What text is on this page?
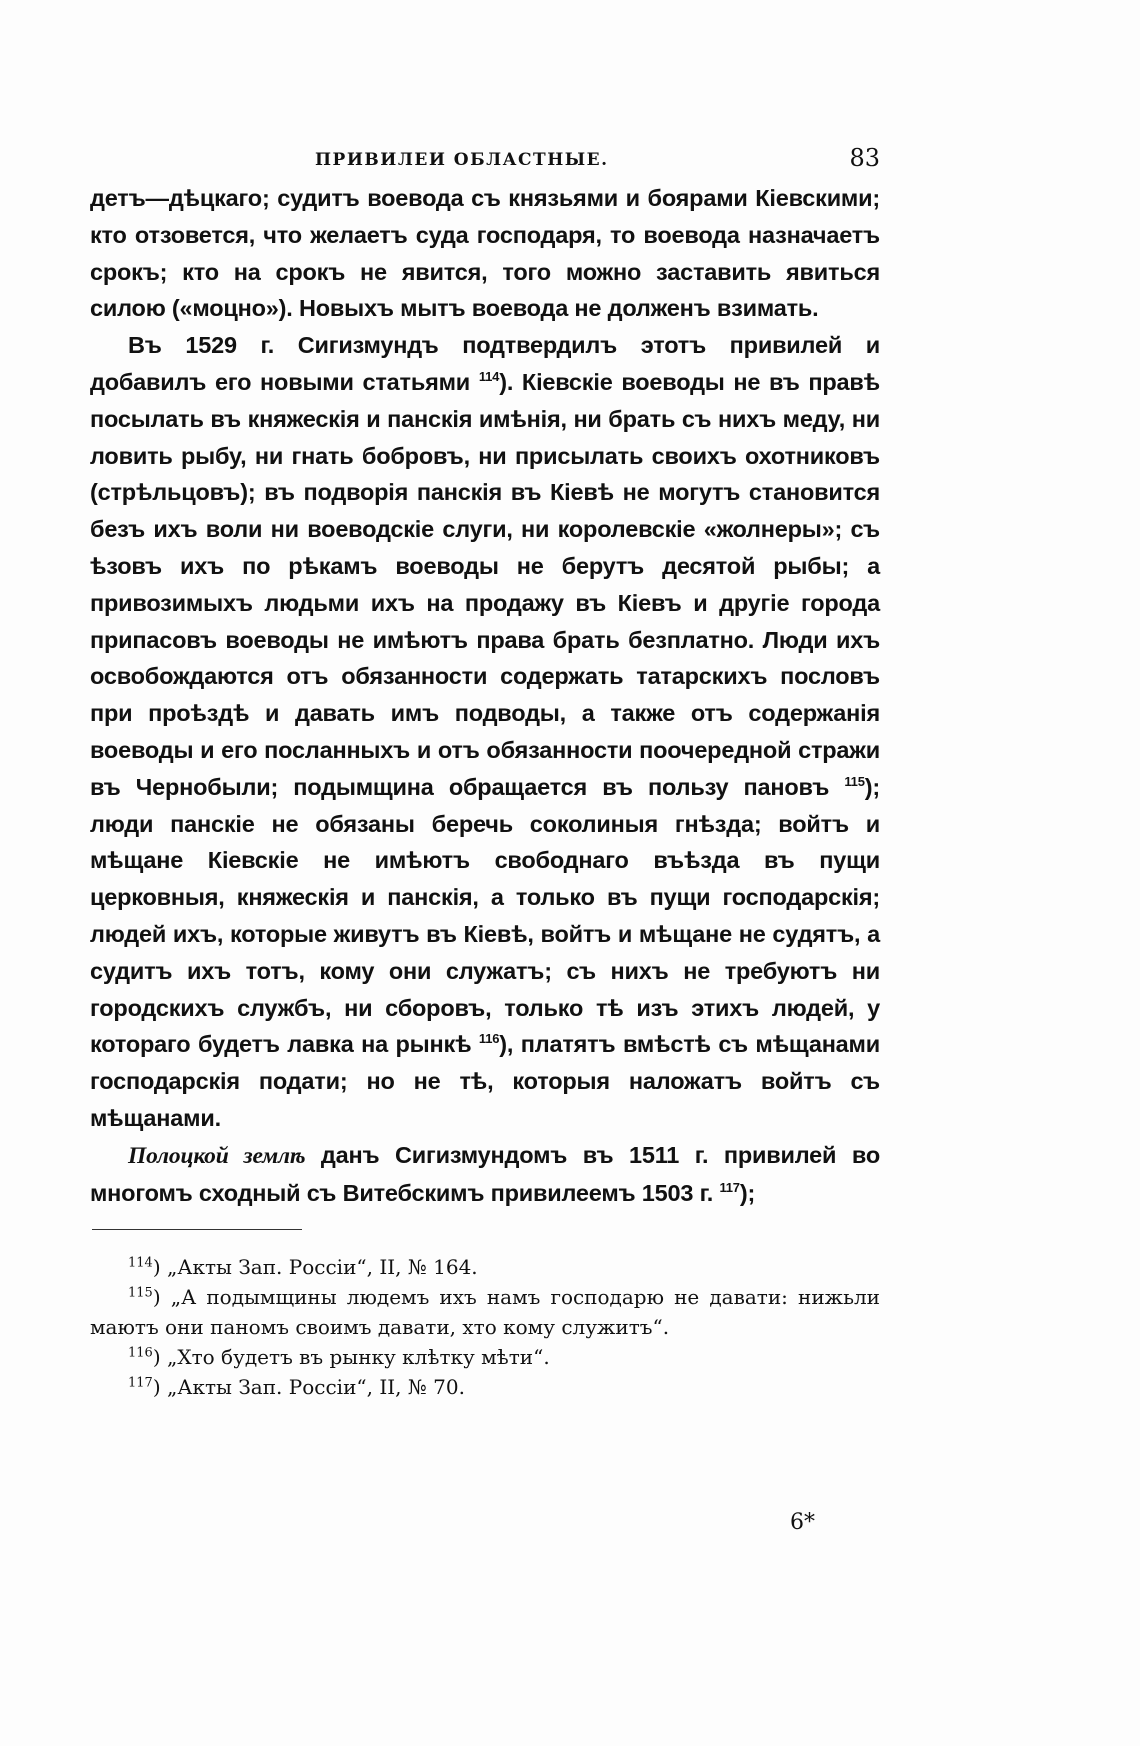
ПРИВИЛЕИ ОБЛАСТНЫЕ.	83

детъ—дѣцкаго; судитъ воевода съ князьями и боярами Кіевскими; кто отзовется, что желаетъ суда господаря, то воевода назначаетъ срокъ; кто на срокъ не явится, того можно заставить явиться силою («моцно»). Новыхъ мытъ воевода не долженъ взимать.

Въ 1529 г. Сигизмундъ подтвердилъ этотъ привилей и добавилъ его новыми статьями $^{114}$). Кіевскіе воеводы не въ правѣ посылать въ княжескія и панскія имѣнія, ни брать съ нихъ меду, ни ловить рыбу, ни гнать бобровъ, ни присылать своихъ охотниковъ (стрѣльцовъ); въ подворія панскія въ Кіевѣ не могутъ становится безъ ихъ воли ни воеводскіе слуги, ни королевскіе «жолнеры»; съ ѣзовъ ихъ по рѣкамъ воеводы не берутъ десятой рыбы; а привозимыхъ людьми ихъ на продажу въ Кіевъ и другіе города припасовъ воеводы не имѣютъ права брать безплатно. Люди ихъ освобождаются отъ обязанности содержать татарскихъ пословъ при проѣздѣ и давать имъ подводы, а также отъ содержанія воеводы и его посланныхъ и отъ обязанности поочередной стражи въ Чернобыли; подымщина обращается въ пользу пановъ $^{115}$); люди панскіе не обязаны беречь соколиныя гнѣзда; войтъ и мѣщане Кіевскіе не имѣютъ свободнаго въѣзда въ пущи церковныя, княжескія и панскія, а только въ пущи господарскія; людей ихъ, которые живутъ въ Кіевѣ, войтъ и мѣщане не судятъ, а судитъ ихъ тотъ, кому они служатъ; съ нихъ не требуютъ ни городскихъ службъ, ни сборовъ, только тѣ изъ этихъ людей, у котораго будетъ лавка на рынкѣ $^{116}$), платятъ вмѣстѣ съ мѣщанами господарскія подати; но не тѣ, которыя наложатъ войтъ съ мѣщанами.

Полоцкой землѣ данъ Сигизмундомъ въ 1511 г. привилей во многомъ сходный съ Витебскимъ привилеемъ 1503 г. $^{117}$);

$^{114}$) „Акты Зап. Россіи“, II, № 164.

$^{115}$) „А подымщины людемъ ихъ намъ господарю не давати: нижьли маютъ они паномъ своимъ давати, хто кому служитъ“.

$^{116}$) „Хто будетъ въ рынку клѣтку мѣти“.

$^{117}$) „Акты Зап. Россіи“, II, № 70.

6*
